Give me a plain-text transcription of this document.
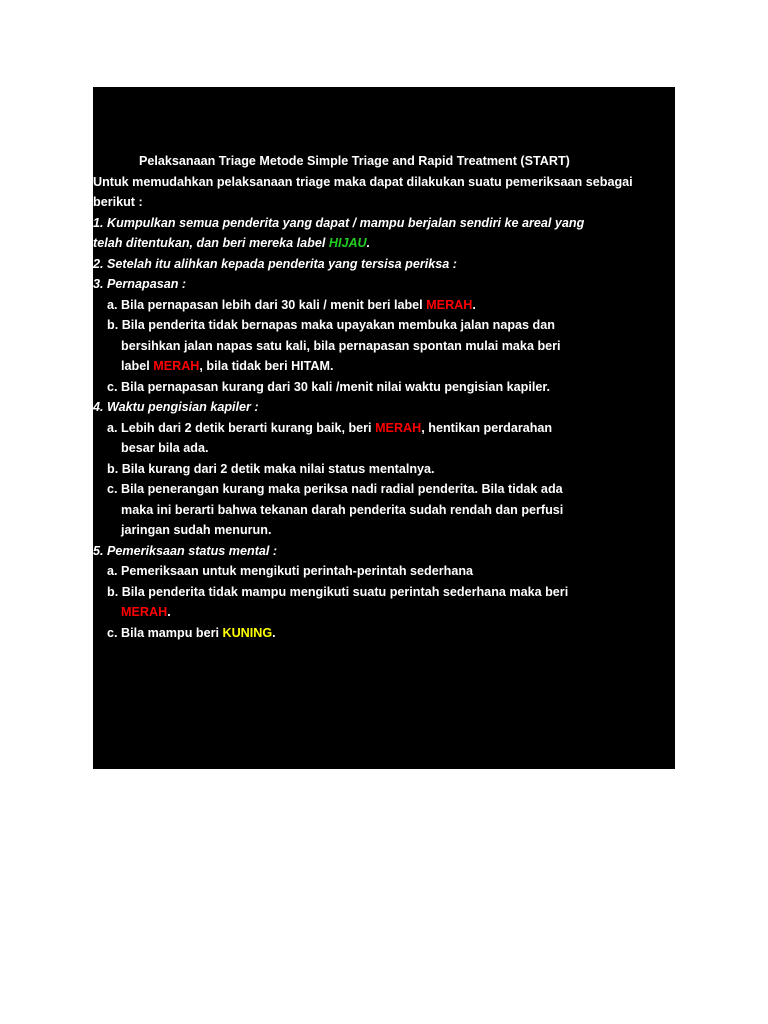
Pelaksanaan Triage Metode Simple Triage and Rapid Treatment (START)
Untuk memudahkan pelaksanaan triage maka dapat dilakukan suatu pemeriksaan sebagai
berikut :
1. Kumpulkan semua penderita yang dapat / mampu berjalan sendiri ke areal yang
telah ditentukan, dan beri mereka label HIJAU.
2. Setelah itu alihkan kepada penderita yang tersisa periksa :
3. Pernapasan :
a. Bila pernapasan lebih dari 30 kali / menit beri label MERAH.
b. Bila penderita tidak bernapas maka upayakan membuka jalan napas dan
bersihkan jalan napas satu kali, bila pernapasan spontan mulai maka beri
label MERAH, bila tidak beri HITAM.
c. Bila pernapasan kurang dari 30 kali /menit nilai waktu pengisian kapiler.
4. Waktu pengisian kapiler :
a. Lebih dari 2 detik berarti kurang baik, beri MERAH, hentikan perdarahan
besar bila ada.
b. Bila kurang dari 2 detik maka nilai status mentalnya.
c. Bila penerangan kurang maka periksa nadi radial penderita. Bila tidak ada
maka ini berarti bahwa tekanan darah penderita sudah rendah dan perfusi
jaringan sudah menurun.
5. Pemeriksaan status mental :
a. Pemeriksaan untuk mengikuti perintah-perintah sederhana
b. Bila penderita tidak mampu mengikuti suatu perintah sederhana maka beri
MERAH.
c. Bila mampu beri KUNING.
